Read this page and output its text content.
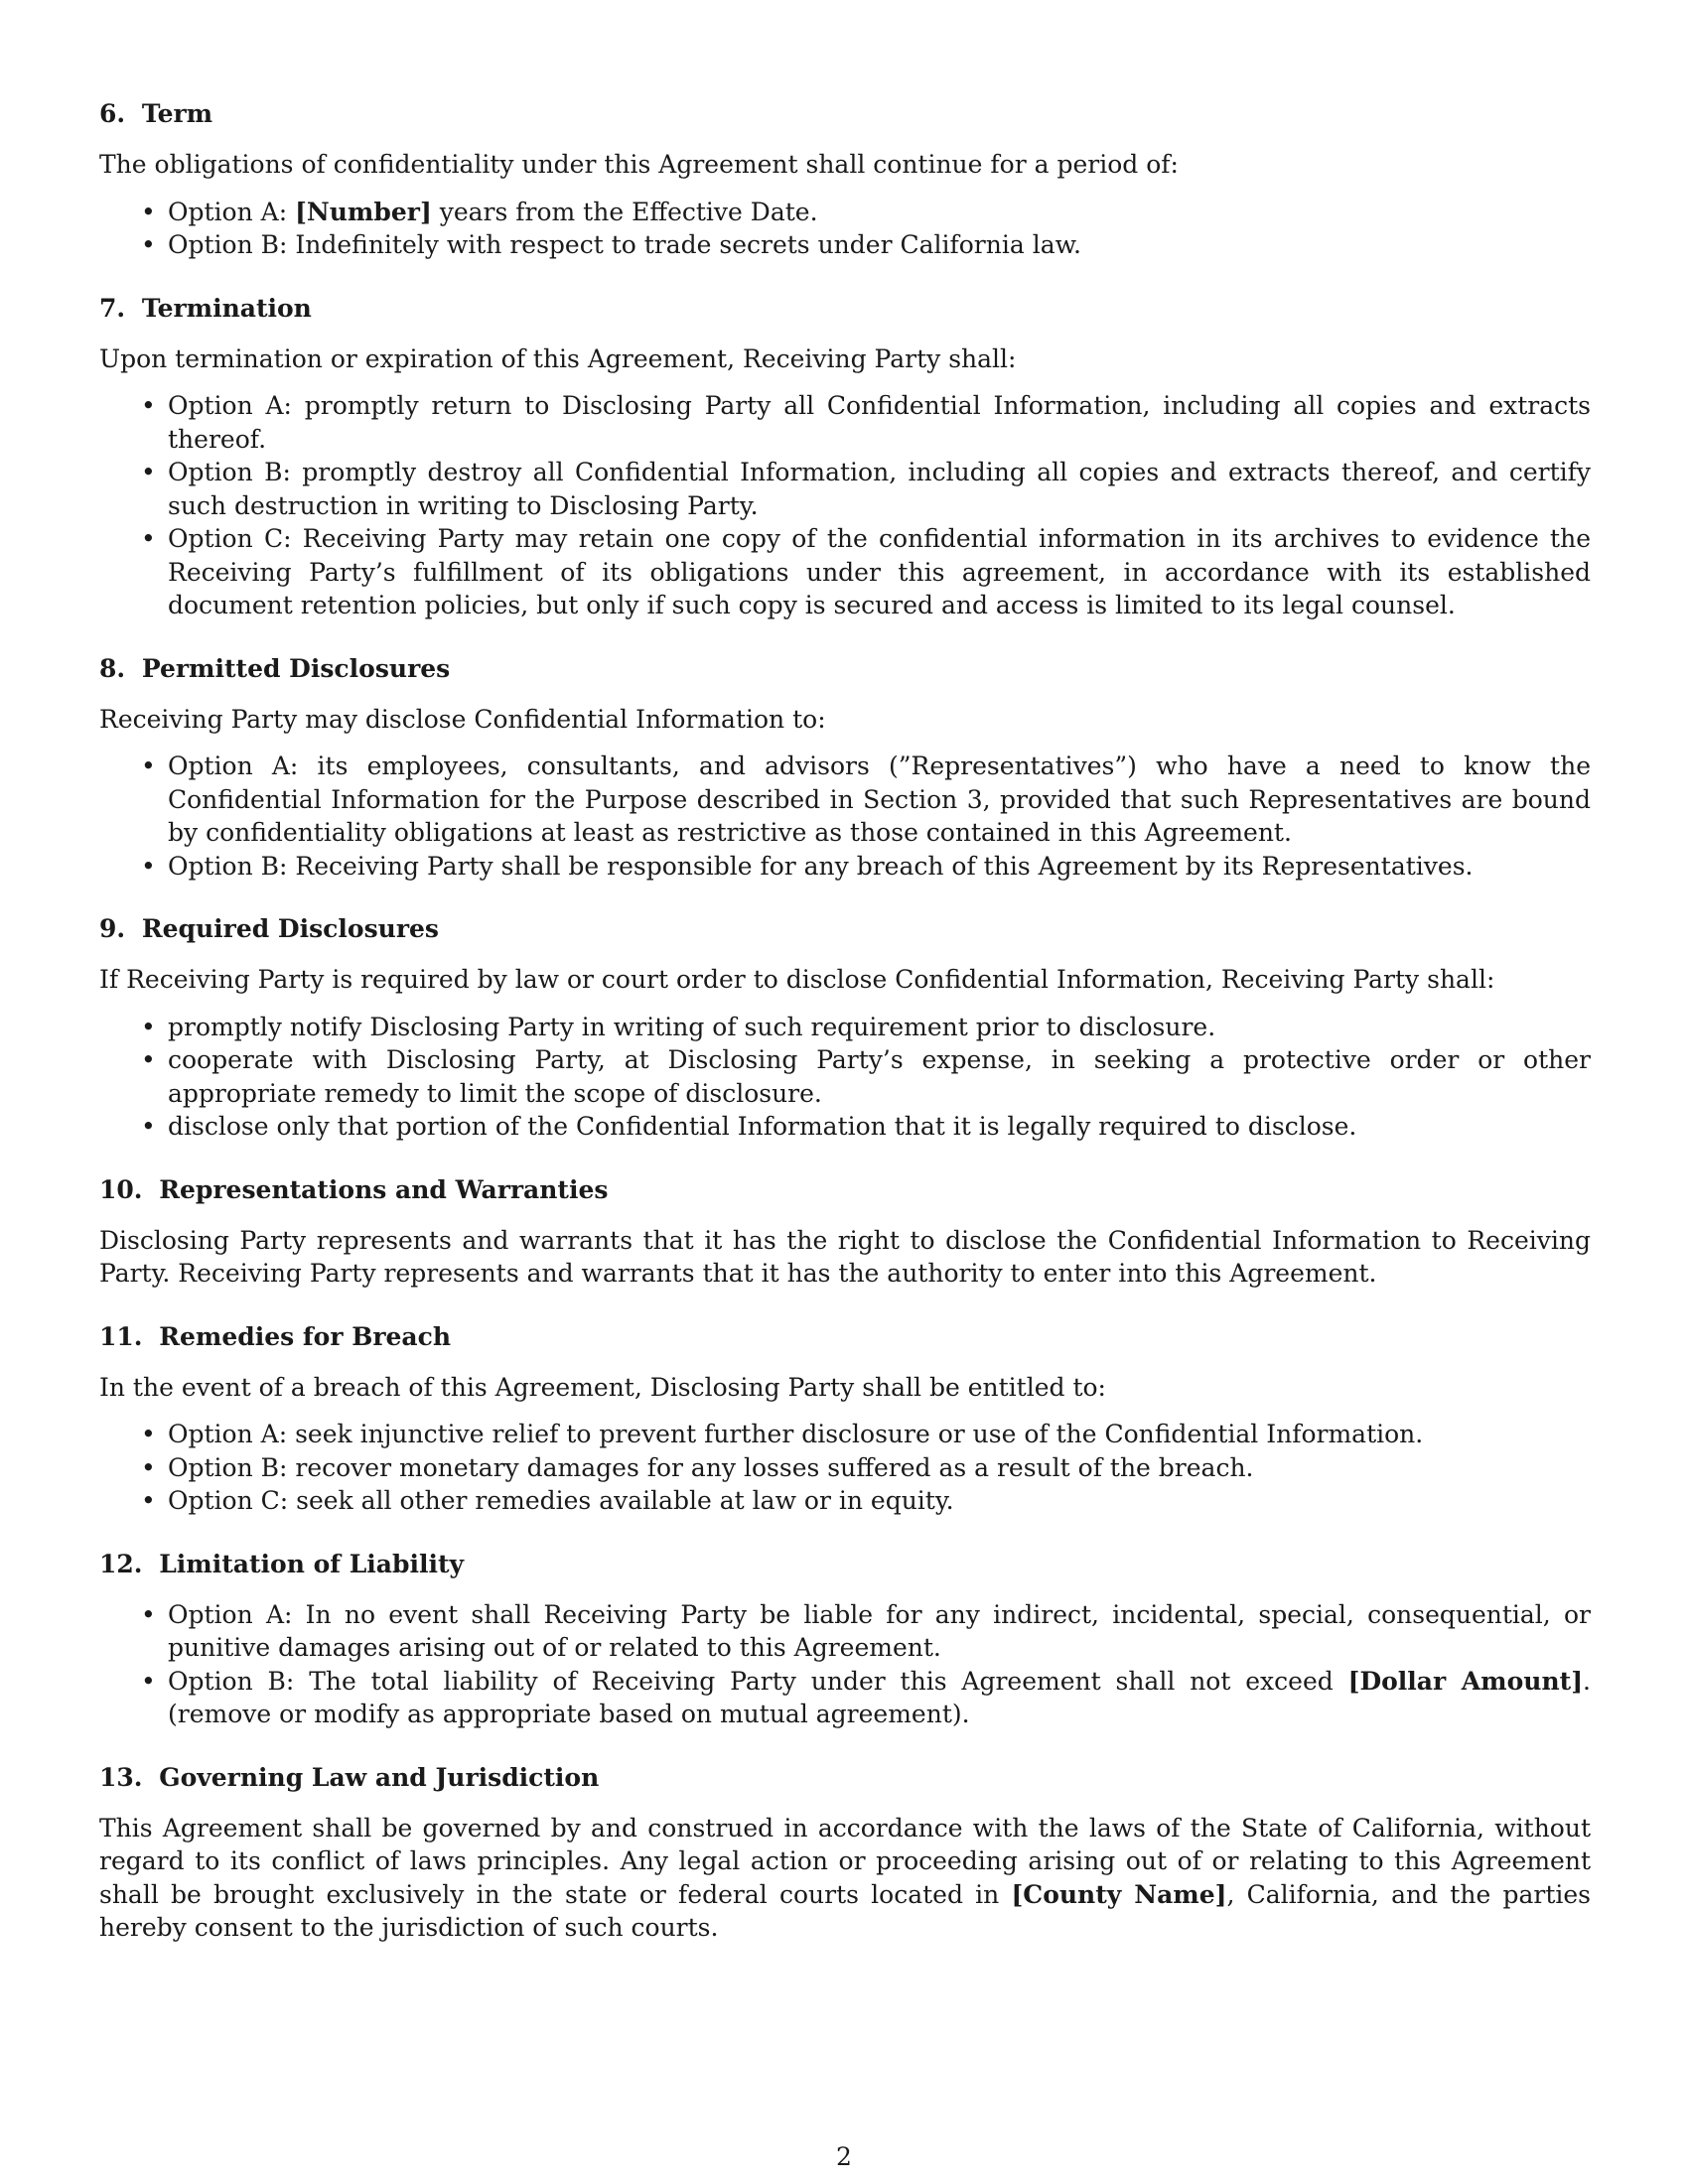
6. Term
The obligations of confidentiality under this Agreement shall continue for a period of:
• Option A: [Number] years from the Effective Date.
• Option B: Indefinitely with respect to trade secrets under California law.
7. Termination
Upon termination or expiration of this Agreement, Receiving Party shall:
• Option A: promptly return to Disclosing Party all Confidential Information, including all copies and extracts thereof.
• Option B: promptly destroy all Confidential Information, including all copies and extracts thereof, and certify such destruction in writing to Disclosing Party.
• Option C: Receiving Party may retain one copy of the confidential information in its archives to evidence the Receiving Party’s fulfillment of its obligations under this agreement, in accordance with its established document retention policies, but only if such copy is secured and access is limited to its legal counsel.
8. Permitted Disclosures
Receiving Party may disclose Confidential Information to:
• Option A: its employees, consultants, and advisors (”Representatives”) who have a need to know the Confidential Information for the Purpose described in Section 3, provided that such Representatives are bound by confidentiality obligations at least as restrictive as those contained in this Agreement.
• Option B: Receiving Party shall be responsible for any breach of this Agreement by its Representatives.
9. Required Disclosures
If Receiving Party is required by law or court order to disclose Confidential Information, Receiving Party shall:
• promptly notify Disclosing Party in writing of such requirement prior to disclosure.
• cooperate with Disclosing Party, at Disclosing Party’s expense, in seeking a protective order or other appropriate remedy to limit the scope of disclosure.
• disclose only that portion of the Confidential Information that it is legally required to disclose.
10. Representations and Warranties
Disclosing Party represents and warrants that it has the right to disclose the Confidential Information to Receiving Party. Receiving Party represents and warrants that it has the authority to enter into this Agreement.
11. Remedies for Breach
In the event of a breach of this Agreement, Disclosing Party shall be entitled to:
• Option A: seek injunctive relief to prevent further disclosure or use of the Confidential Information.
• Option B: recover monetary damages for any losses suffered as a result of the breach.
• Option C: seek all other remedies available at law or in equity.
12. Limitation of Liability
• Option A: In no event shall Receiving Party be liable for any indirect, incidental, special, consequential, or punitive damages arising out of or related to this Agreement.
• Option B: The total liability of Receiving Party under this Agreement shall not exceed [Dollar Amount]. (remove or modify as appropriate based on mutual agreement).
13. Governing Law and Jurisdiction
This Agreement shall be governed by and construed in accordance with the laws of the State of California, without regard to its conflict of laws principles. Any legal action or proceeding arising out of or relating to this Agreement shall be brought exclusively in the state or federal courts located in [County Name], California, and the parties hereby consent to the jurisdiction of such courts.
2
